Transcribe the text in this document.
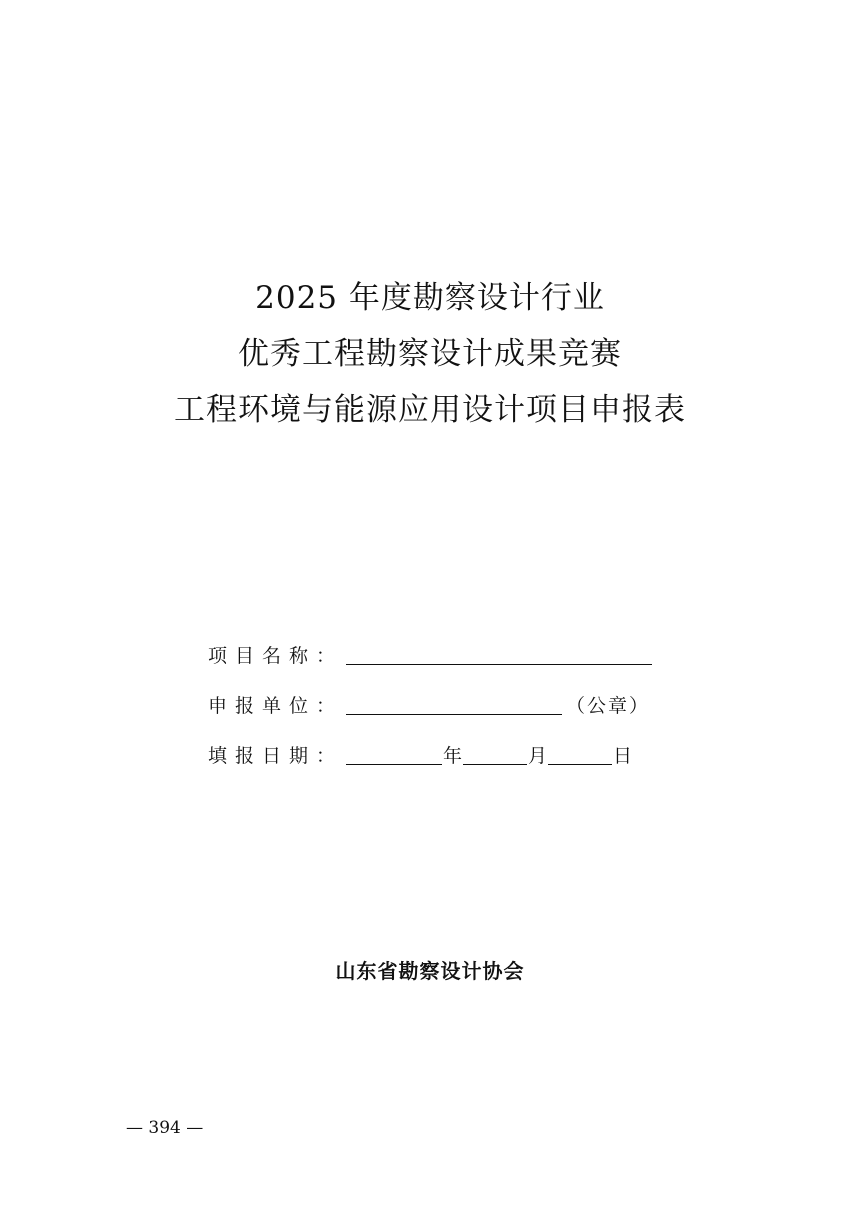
2025 年度勘察设计行业
优秀工程勘察设计成果竞赛
工程环境与能源应用设计项目申报表
项目名称：
申报单位：	（公章）
填报日期：	年	月	日
山东省勘察设计协会
— 394 —
